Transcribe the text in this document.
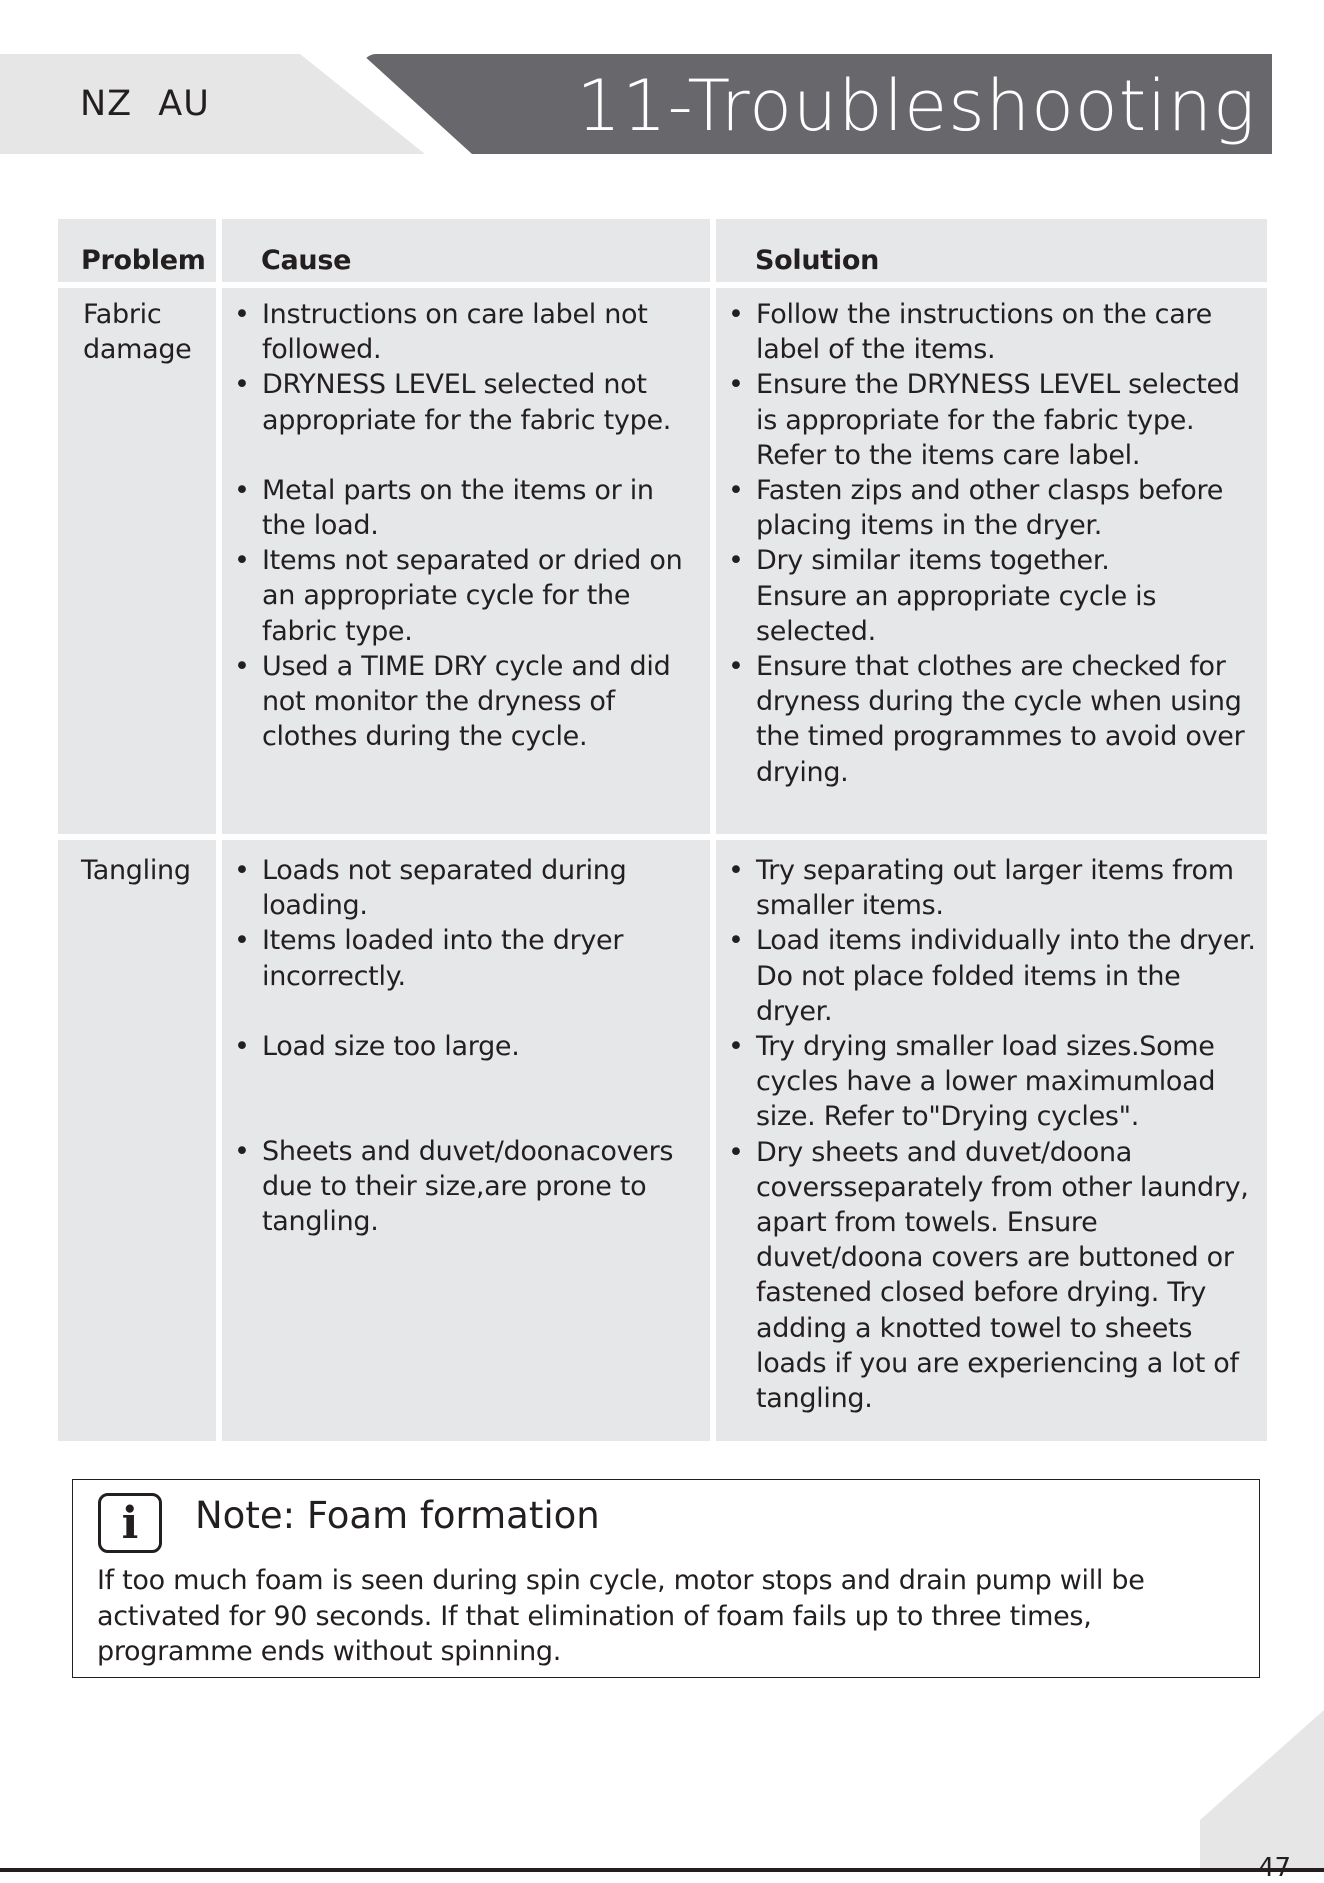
NZ AU	11-Troubleshooting
Problem	Cause	Solution
Fabric damage
• Instructions on care label not followed.
• DRYNESS LEVEL selected not appropriate for the fabric type.
• Metal parts on the items or in the load.
• Items not separated or dried on an appropriate cycle for the fabric type.
• Used a TIME DRY cycle and did not monitor the dryness of clothes during the cycle.
• Follow the instructions on the care label of the items.
• Ensure the DRYNESS LEVEL selected is appropriate for the fabric type.
Refer to the items care label.
• Fasten zips and other clasps before placing items in the dryer.
• Dry similar items together.
Ensure an appropriate cycle is selected.
• Ensure that clothes are checked for dryness during the cycle when using the timed programmes to avoid over drying.
Tangling
•	Loads not separated during loading.
• Items loaded into the dryer incorrectly.
• Load size too large.
• Sheets and duvet/doonacovers due to their size,are prone to tangling.
• Try separating out larger items from smaller items.
• Load items individually into the dryer. Do not place folded items in the dryer.
• Try drying smaller load sizes.Some cycles have a lower maximumload size. Refer to"Drying cycles".
• Dry sheets and duvet/doona coversseparately from other laundry, apart from towels. Ensure duvet/doona covers are buttoned or fastened closed before drying. Try adding a knotted towel to sheets loads if you are experiencing a lot of tangling.
i	Note: Foam formation
If too much foam is seen during spin cycle, motor stops and drain pump will be activated for 90 seconds. If that elimination of foam fails up to three times, programme ends without spinning.
